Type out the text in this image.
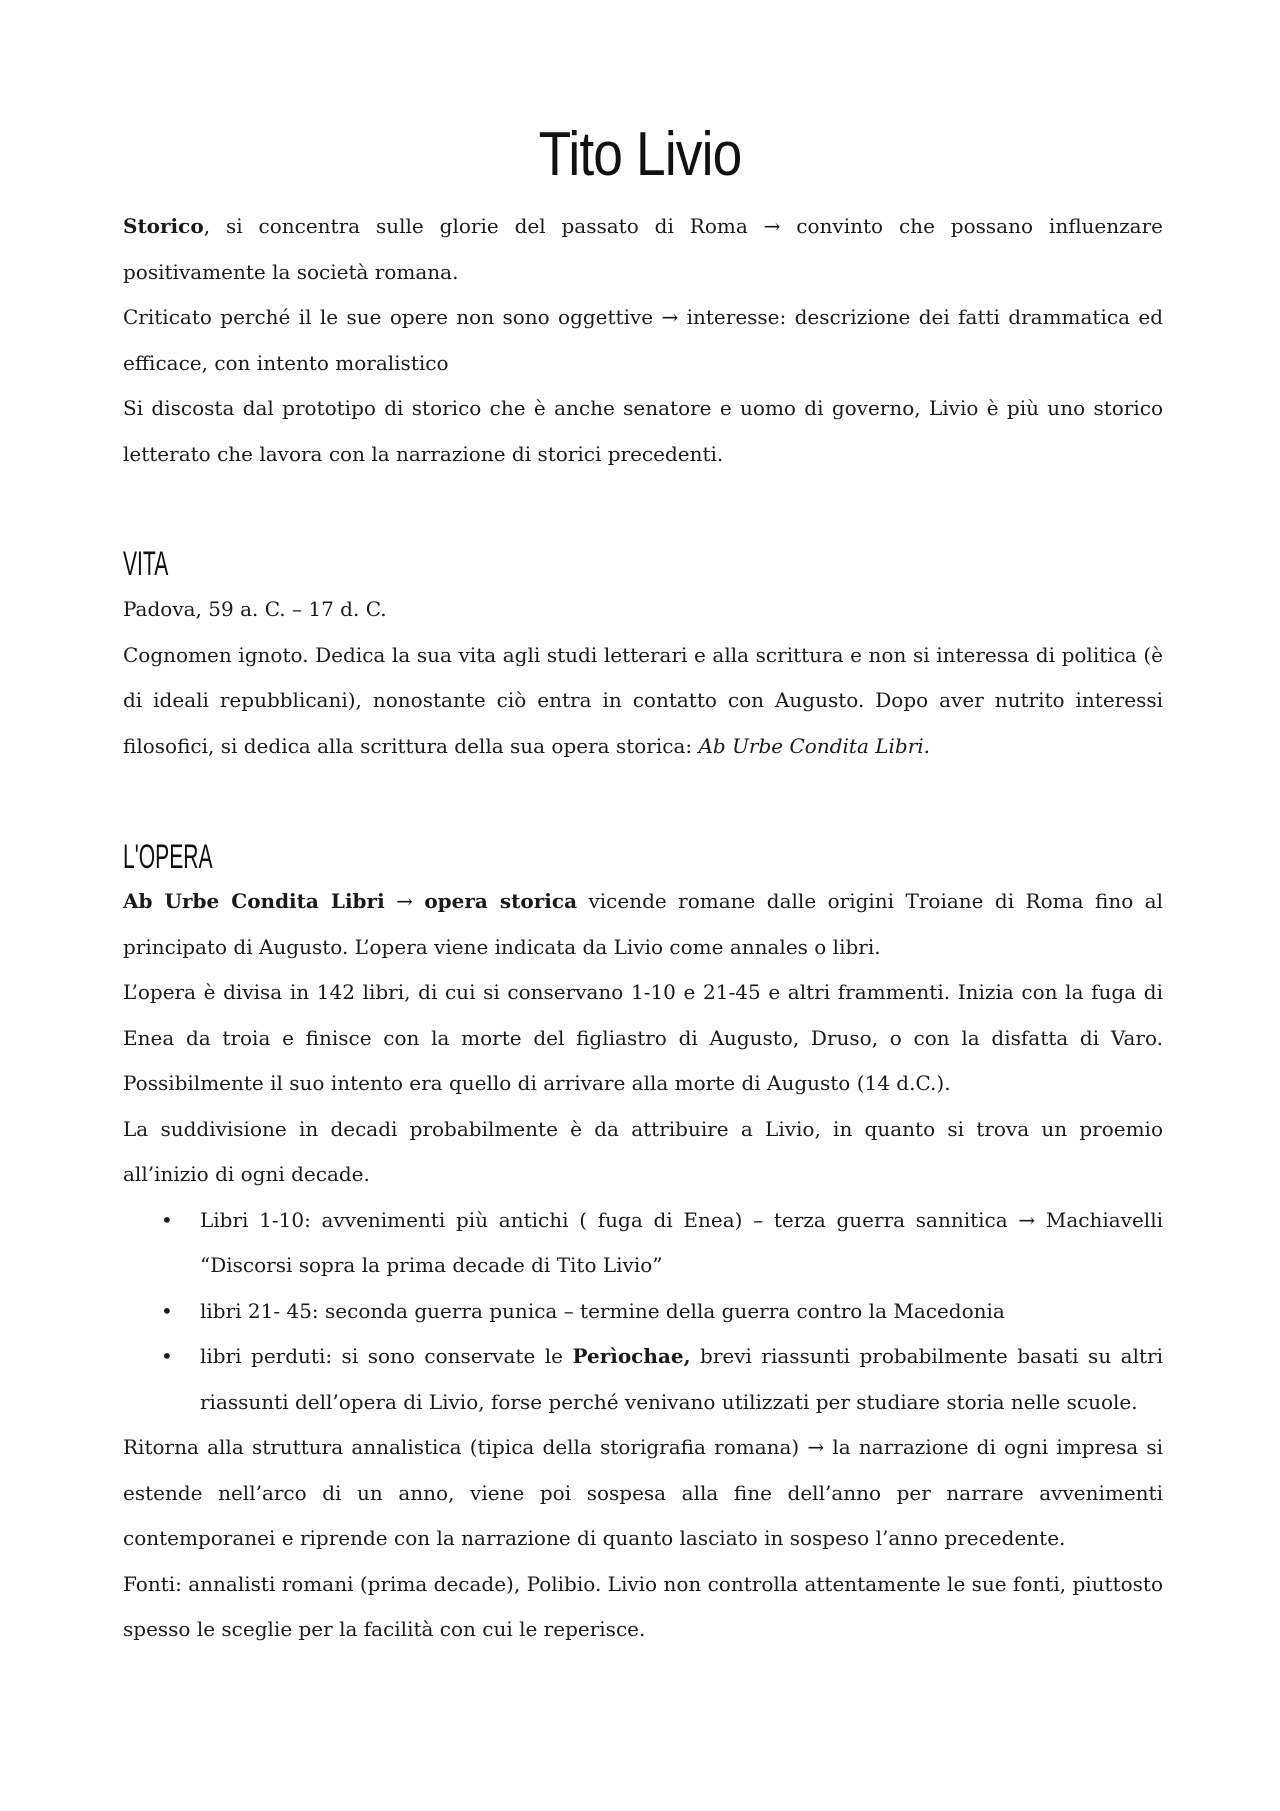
Tito Livio

Storico, si concentra sulle glorie del passato di Roma → convinto che possano influenzare positivamente la società romana.

Criticato perché il le sue opere non sono oggettive → interesse: descrizione dei fatti drammatica ed efficace, con intento moralistico

Si discosta dal prototipo di storico che è anche senatore e uomo di governo, Livio è più uno storico letterato che lavora con la narrazione di storici precedenti.

VITA

Padova, 59 a. C. – 17 d. C.

Cognomen ignoto. Dedica la sua vita agli studi letterari e alla scrittura e non si interessa di politica (è di ideali repubblicani), nonostante ciò entra in contatto con Augusto. Dopo aver nutrito interessi filosofici, si dedica alla scrittura della sua opera storica: Ab Urbe Condita Libri.

L'OPERA

Ab Urbe Condita Libri → opera storica vicende romane dalle origini Troiane di Roma fino al principato di Augusto. L’opera viene indicata da Livio come annales o libri.

L’opera è divisa in 142 libri, di cui si conservano 1-10 e 21-45 e altri frammenti. Inizia con la fuga di Enea da troia e finisce con la morte del figliastro di Augusto, Druso, o con la disfatta di Varo. Possibilmente il suo intento era quello di arrivare alla morte di Augusto (14 d.C.).

La suddivisione in decadi probabilmente è da attribuire a Livio, in quanto si trova un proemio all’inizio di ogni decade.

• Libri 1-10: avvenimenti più antichi ( fuga di Enea) – terza guerra sannitica → Machiavelli “Discorsi sopra la prima decade di Tito Livio”
• libri 21- 45: seconda guerra punica – termine della guerra contro la Macedonia
• libri perduti: si sono conservate le Perìochae, brevi riassunti probabilmente basati su altri riassunti dell’opera di Livio, forse perché venivano utilizzati per studiare storia nelle scuole.

Ritorna alla struttura annalistica (tipica della storigrafia romana) → la narrazione di ogni impresa si estende nell’arco di un anno, viene poi sospesa alla fine dell’anno per narrare avvenimenti contemporanei e riprende con la narrazione di quanto lasciato in sospeso l’anno precedente.

Fonti: annalisti romani (prima decade), Polibio. Livio non controlla attentamente le sue fonti, piuttosto spesso le sceglie per la facilità con cui le reperisce.
